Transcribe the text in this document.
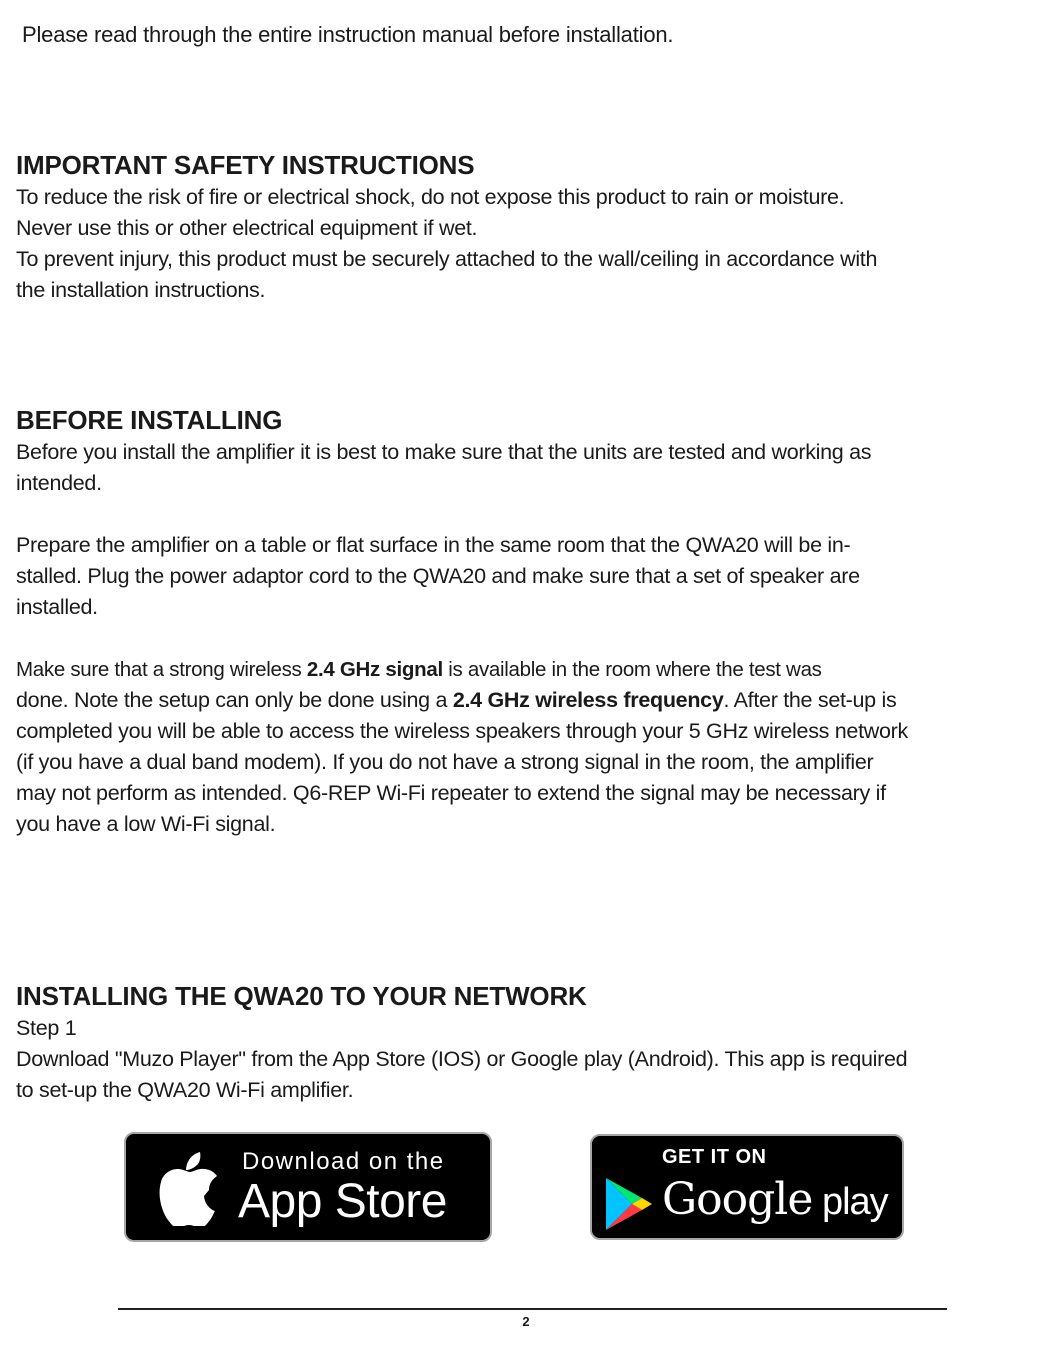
Please read through the entire instruction manual before installation.
IMPORTANT SAFETY INSTRUCTIONS

To reduce the risk of fire or electrical shock, do not expose this product to rain or moisture.

Never use this or other electrical equipment if wet.

To prevent injury, this product must be securely attached to the wall/ceiling in accordance with

the installation instructions.

BEFORE INSTALLING

Before you install the amplifier it is best to make sure that the units are tested and working as

intended.

Prepare the amplifier on a table or flat surface in the same room that the QWA20 will be in-

stalled. Plug the power adaptor cord to the QWA20 and make sure that a set of speaker are

installed.

Make sure that a strong wireless 2.4 GHz signal is available in the room where the test was

done. Note the setup can only be done using a 2.4 GHz wireless frequency. After the set-up is

completed you will be able to access the wireless speakers through your 5 GHz wireless network

(if you have a dual band modem). If you do not have a strong signal in the room, the amplifier

may not perform as intended. Q6-REP Wi-Fi repeater to extend the signal may be necessary if

you have a low Wi-Fi signal.

INSTALLING THE QWA20 TO YOUR NETWORK

Step 1

Download "Muzo Player" from the App Store (IOS) or Google play (Android). This app is required

to set-up the QWA20 Wi-Fi amplifier.

Download on the
App Store
GET IT ON
Google play
2
